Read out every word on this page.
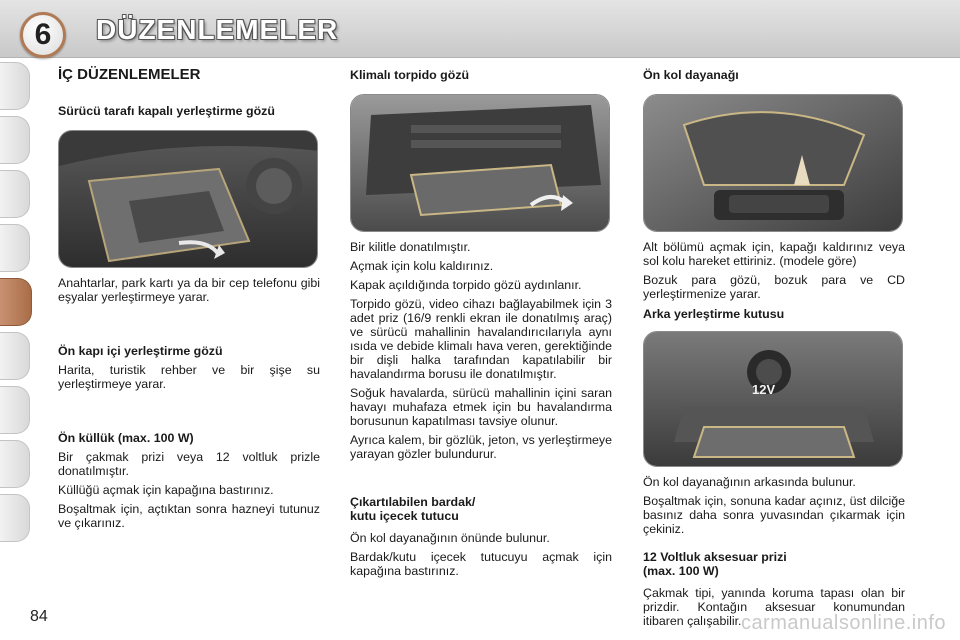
6	DÜZENLEMELER
İÇ DÜZENLEMELER
Sürücü tarafı kapalı yerleştirme gözü

Anahtarlar, park kartı ya da bir cep telefonu gibi eşyalar yerleştirmeye yarar.

Ön kapı içi yerleştirme gözü

Harita, turistik rehber ve bir şişe su yerleştirmeye yarar.

Ön küllük (max. 100 W)

Bir çakmak prizi veya 12 voltluk prizle donatılmıştır.

Küllüğü açmak için kapağına bastırınız.

Boşaltmak için, açtıktan sonra hazneyi tutunuz ve çıkarınız.

Klimalı torpido gözü

Bir kilitle donatılmıştır.

Açmak için kolu kaldırınız.

Kapak açıldığında torpido gözü aydınlanır.

Torpido gözü, video cihazı bağlayabilmek için 3 adet priz (16/9 renkli ekran ile donatılmış araç) ve sürücü mahallinin havalandırıcılarıyla aynı ısıda ve debide klimalı hava veren, gerektiğinde bir dişli halka tarafından kapatılabilir bir havalandırma borusu ile donatılmıştır.

Soğuk havalarda, sürücü mahallinin içini saran havayı muhafaza etmek için bu havalandırma borusunun kapatılması tavsiye olunur.

Ayrıca kalem, bir gözlük, jeton, vs yerleştirmeye yarayan gözler bulundurur.

Çıkartılabilen bardak/
kutu içecek tutucu

Ön kol dayanağının önünde bulunur.

Bardak/kutu içecek tutucuyu açmak için kapağına bastırınız.

Ön kol dayanağı

Alt bölümü açmak için, kapağı kaldırınız veya sol kolu hareket ettiriniz. (modele göre)

Bozuk para gözü, bozuk para ve CD yerleştirmenize yarar.

Arka yerleştirme kutusu
12V

Ön kol dayanağının arkasında bulunur.

Boşaltmak için, sonuna kadar açınız, üst dilciğe basınız daha sonra yuvasından çıkarmak için çekiniz.

12 Voltluk aksesuar prizi
(max. 100 W)

Çakmak tipi, yanında koruma tapası olan bir prizdir. Kontağın aksesuar konumundan itibaren çalışabilir.

84	carmanualsonline.info
